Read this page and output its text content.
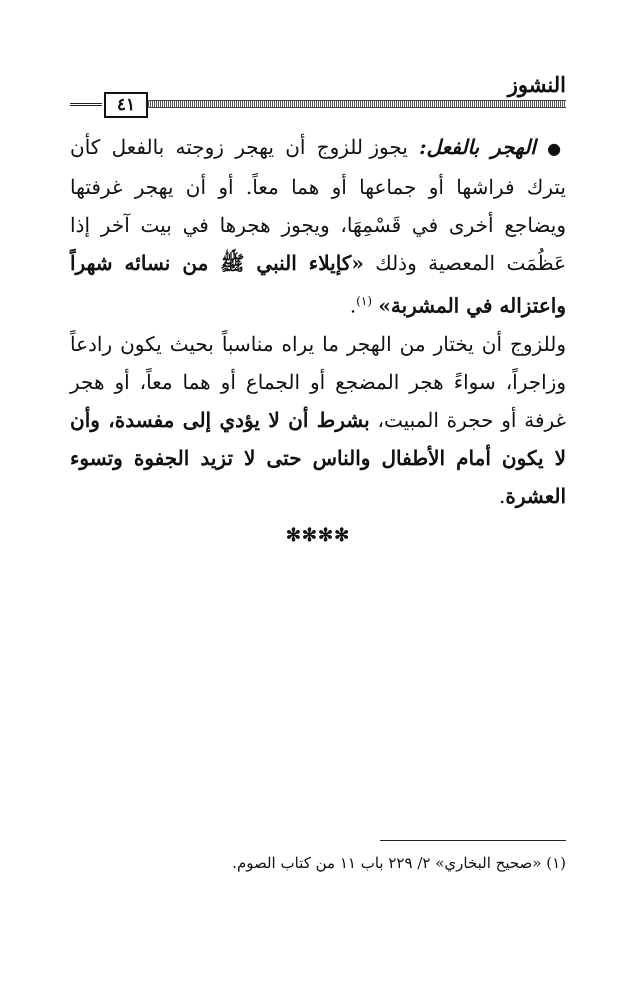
النشوز
٤١

● الهجر بالفعل: يجوز للزوج أن يهجر زوجته بالفعل كأن يترك فراشها أو جماعها أو هما معاً. أو أن يهجر غرفتها ويضاجع أخرى في قَسْمِهَا، ويجوز هجرها في بيت آخر إذا عَظُمَت المعصية وذلك «كإيلاء النبي ﷺ من نسائه شهراً واعتزاله في المشربة» $^{(١)}$.

وللزوج أن يختار من الهجر ما يراه مناسباً بحيث يكون رادعاً وزاجراً، سواءً هجر المضجع أو الجماع أو هما معاً، أو هجر غرفة أو حجرة المبيت، بشرط أن لا يؤدي إلى مفسدة، وأن لا يكون أمام الأطفال والناس حتى لا تزيد الجفوة وتسوء العشرة.

✻✻✻✻
(١) «صحيح البخاري» ٢/ ٢٢٩ باب ١١ من كتاب الصوم.
